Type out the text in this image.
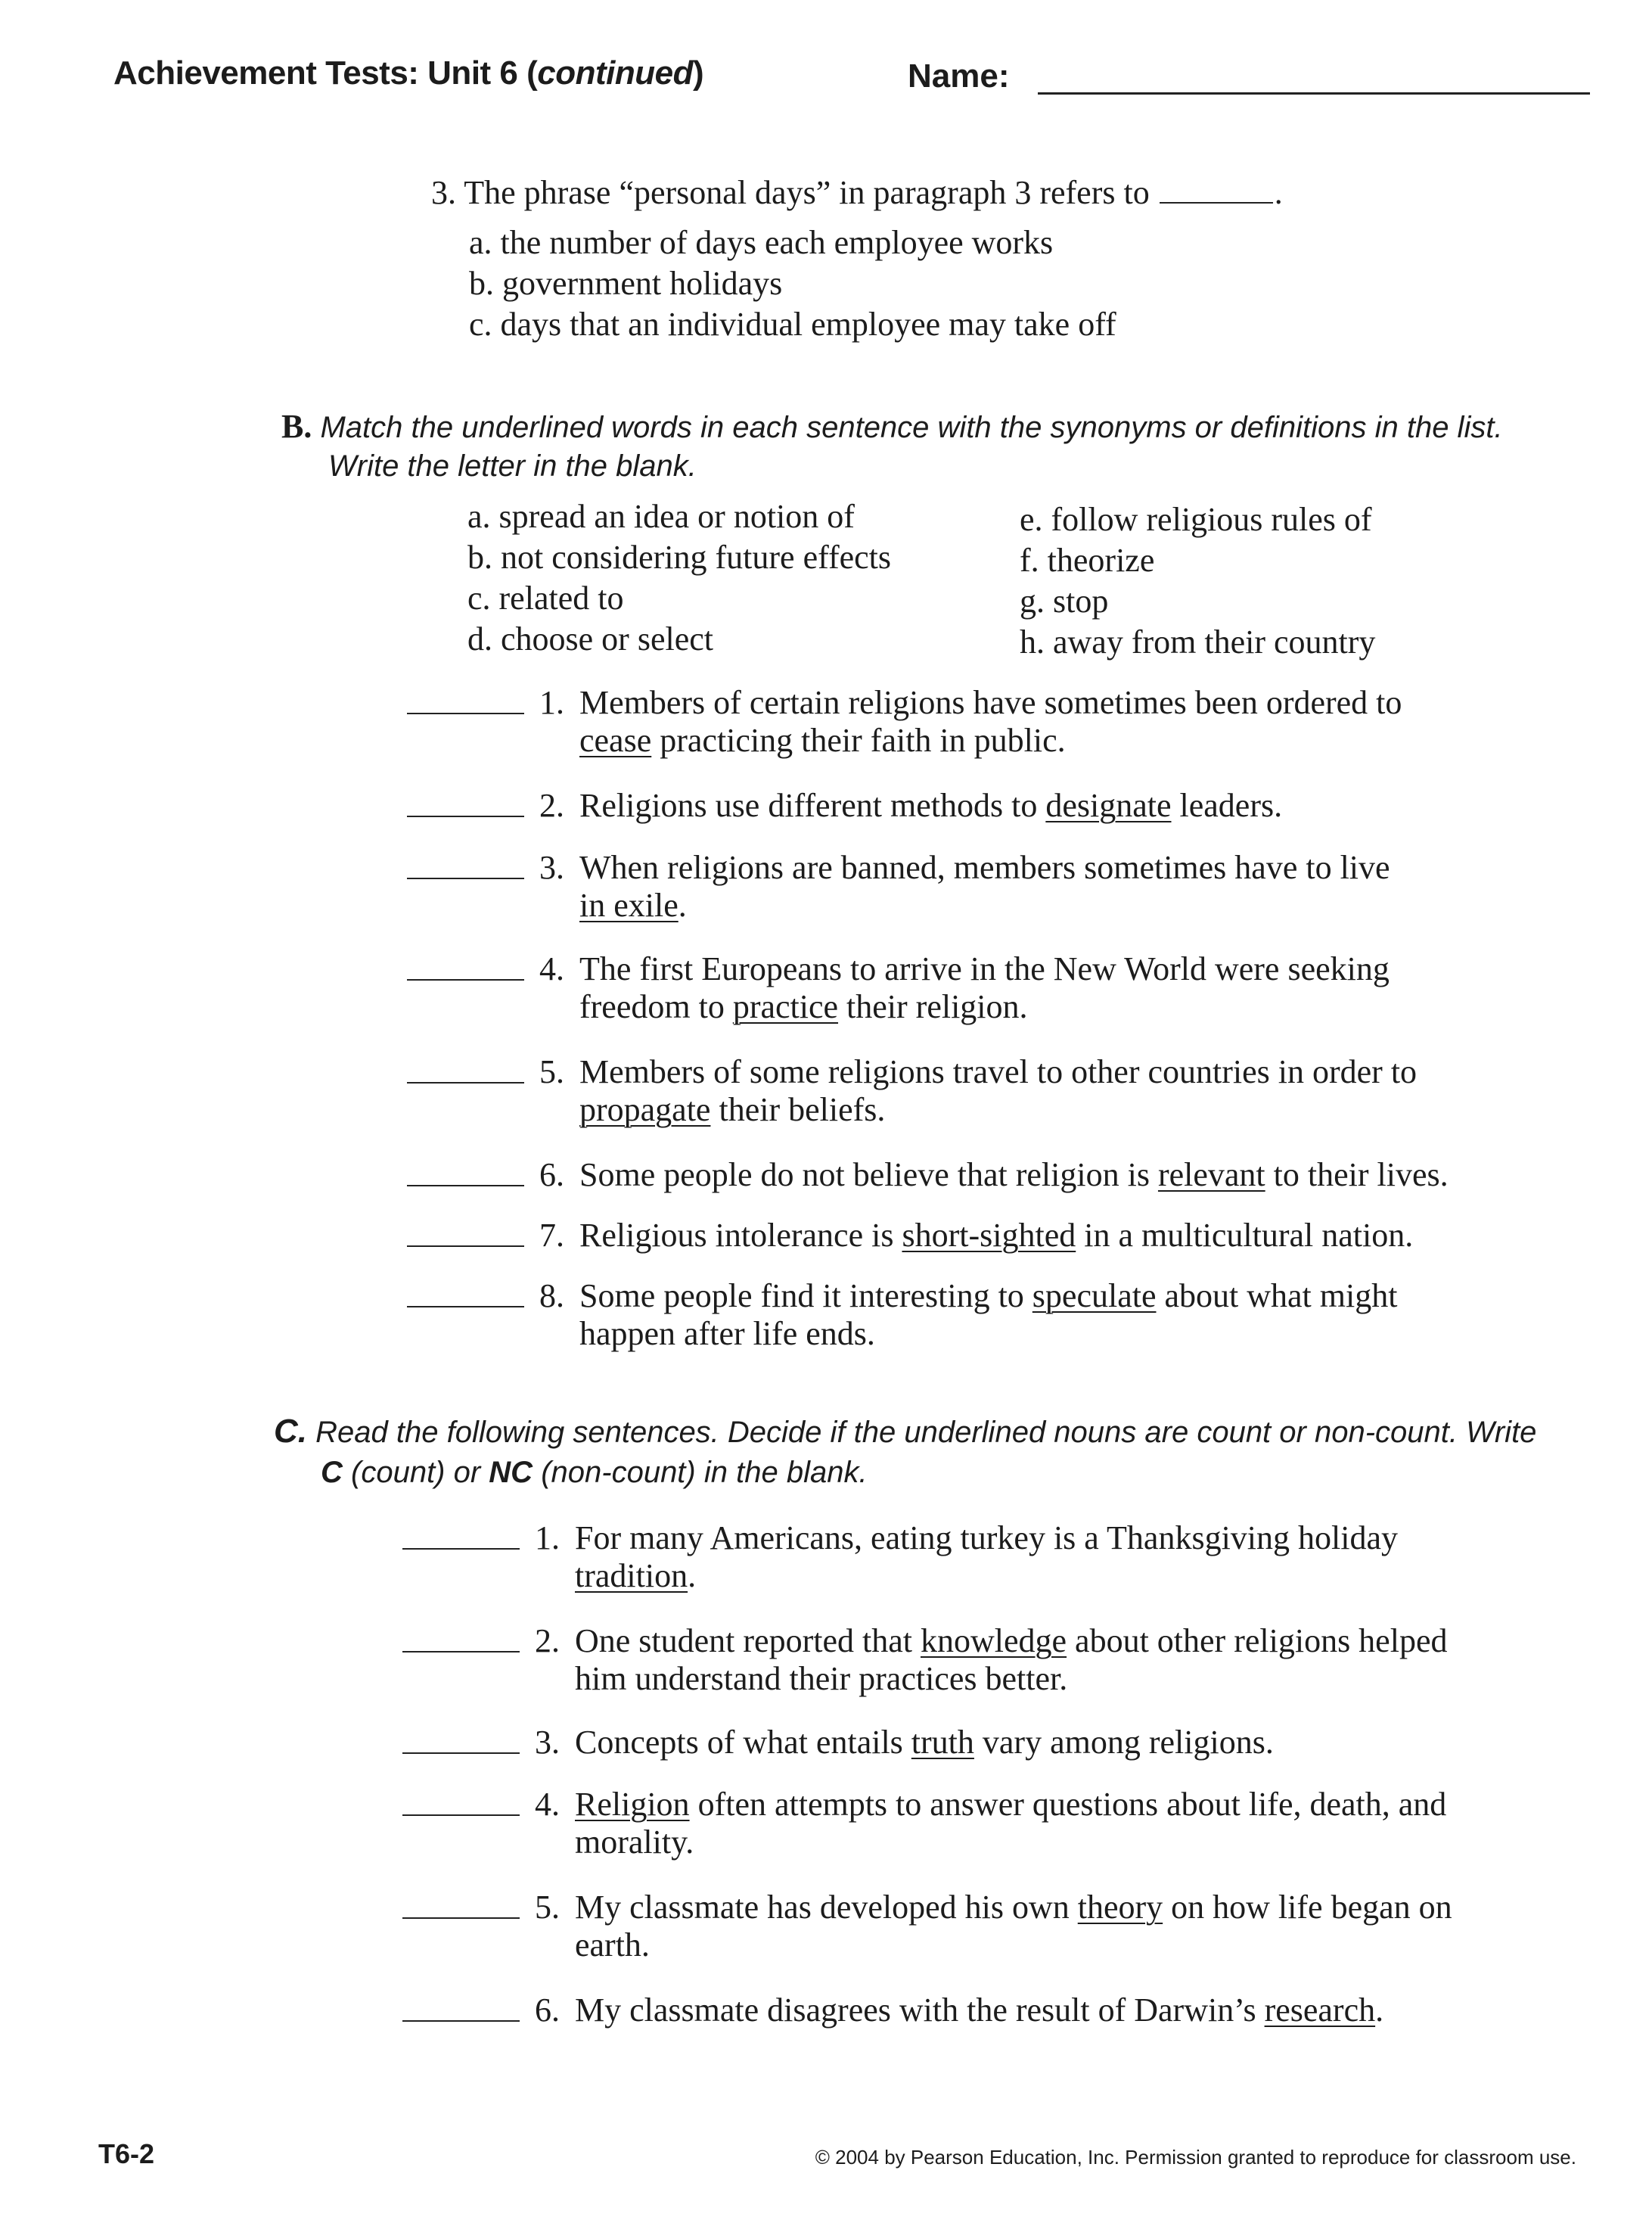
Achievement Tests: Unit 6 (continued)	Name:
3. The phrase “personal days” in paragraph 3 refers to	.
a. the number of days each employee works
b. government holidays
c. days that an individual employee may take off
B. Match the underlined words in each sentence with the synonyms or definitions in the list.
Write the letter in the blank.
a. spread an idea or notion of
b. not considering future effects
c. related to
d. choose or select
e. follow religious rules of
f. theorize
g. stop
h. away from their country
1. Members of certain religions have sometimes been ordered to
cease practicing their faith in public.
2. Religions use different methods to designate leaders.
3. When religions are banned, members sometimes have to live
in exile.
4. The first Europeans to arrive in the New World were seeking
freedom to practice their religion.
5. Members of some religions travel to other countries in order to
propagate their beliefs.
6. Some people do not believe that religion is relevant to their lives.
7. Religious intolerance is short-sighted in a multicultural nation.
8. Some people find it interesting to speculate about what might
happen after life ends.
C. Read the following sentences. Decide if the underlined nouns are count or non-count. Write
C (count) or NC (non-count) in the blank.
1. For many Americans, eating turkey is a Thanksgiving holiday
tradition.
2. One student reported that knowledge about other religions helped
him understand their practices better.
3. Concepts of what entails truth vary among religions.
4. Religion often attempts to answer questions about life, death, and
morality.
5. My classmate has developed his own theory on how life began on
earth.
6. My classmate disagrees with the result of Darwin’s research.
T6-2	© 2004 by Pearson Education, Inc. Permission granted to reproduce for classroom use.
